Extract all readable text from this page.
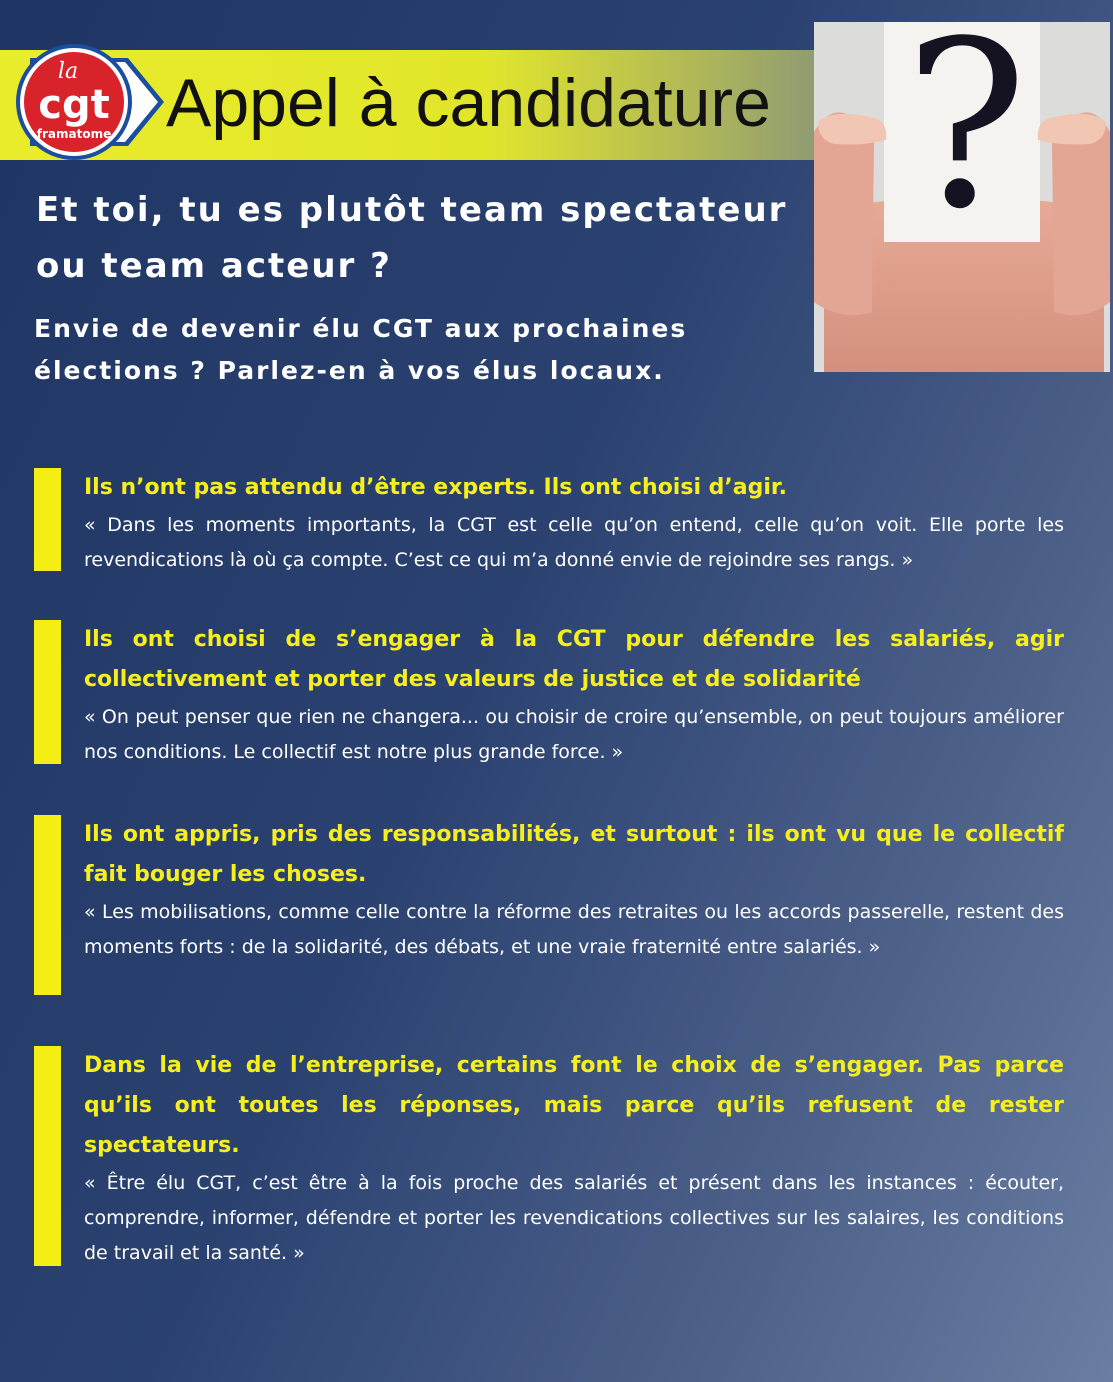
la
cgt
framatome Appel à candidature ?
Et toi, tu es plutôt team spectateur ou team acteur ?

Envie de devenir élu CGT aux prochaines élections ? Parlez-en à vos élus locaux.

Ils n’ont pas attendu d’être experts. Ils ont choisi d’agir.

« Dans les moments importants, la CGT est celle qu’on entend, celle qu’on voit. Elle porte les revendications là où ça compte. C’est ce qui m’a donné envie de rejoindre ses rangs. »

Ils ont choisi de s’engager à la CGT pour défendre les salariés, agir collectivement et porter des valeurs de justice et de solidarité

« On peut penser que rien ne changera... ou choisir de croire qu’ensemble, on peut toujours améliorer nos conditions. Le collectif est notre plus grande force. »

Ils ont appris, pris des responsabilités, et surtout : ils ont vu que le collectif fait bouger les choses.

« Les mobilisations, comme celle contre la réforme des retraites ou les accords passerelle, restent des moments forts : de la solidarité, des débats, et une vraie fraternité entre salariés. »

Dans la vie de l’entreprise, certains font le choix de s’engager. Pas parce qu’ils ont toutes les réponses, mais parce qu’ils refusent de rester spectateurs.

« Être élu CGT, c’est être à la fois proche des salariés et présent dans les instances : écouter, comprendre, informer, défendre et porter les revendications collectives sur les salaires, les conditions de travail et la santé. »
